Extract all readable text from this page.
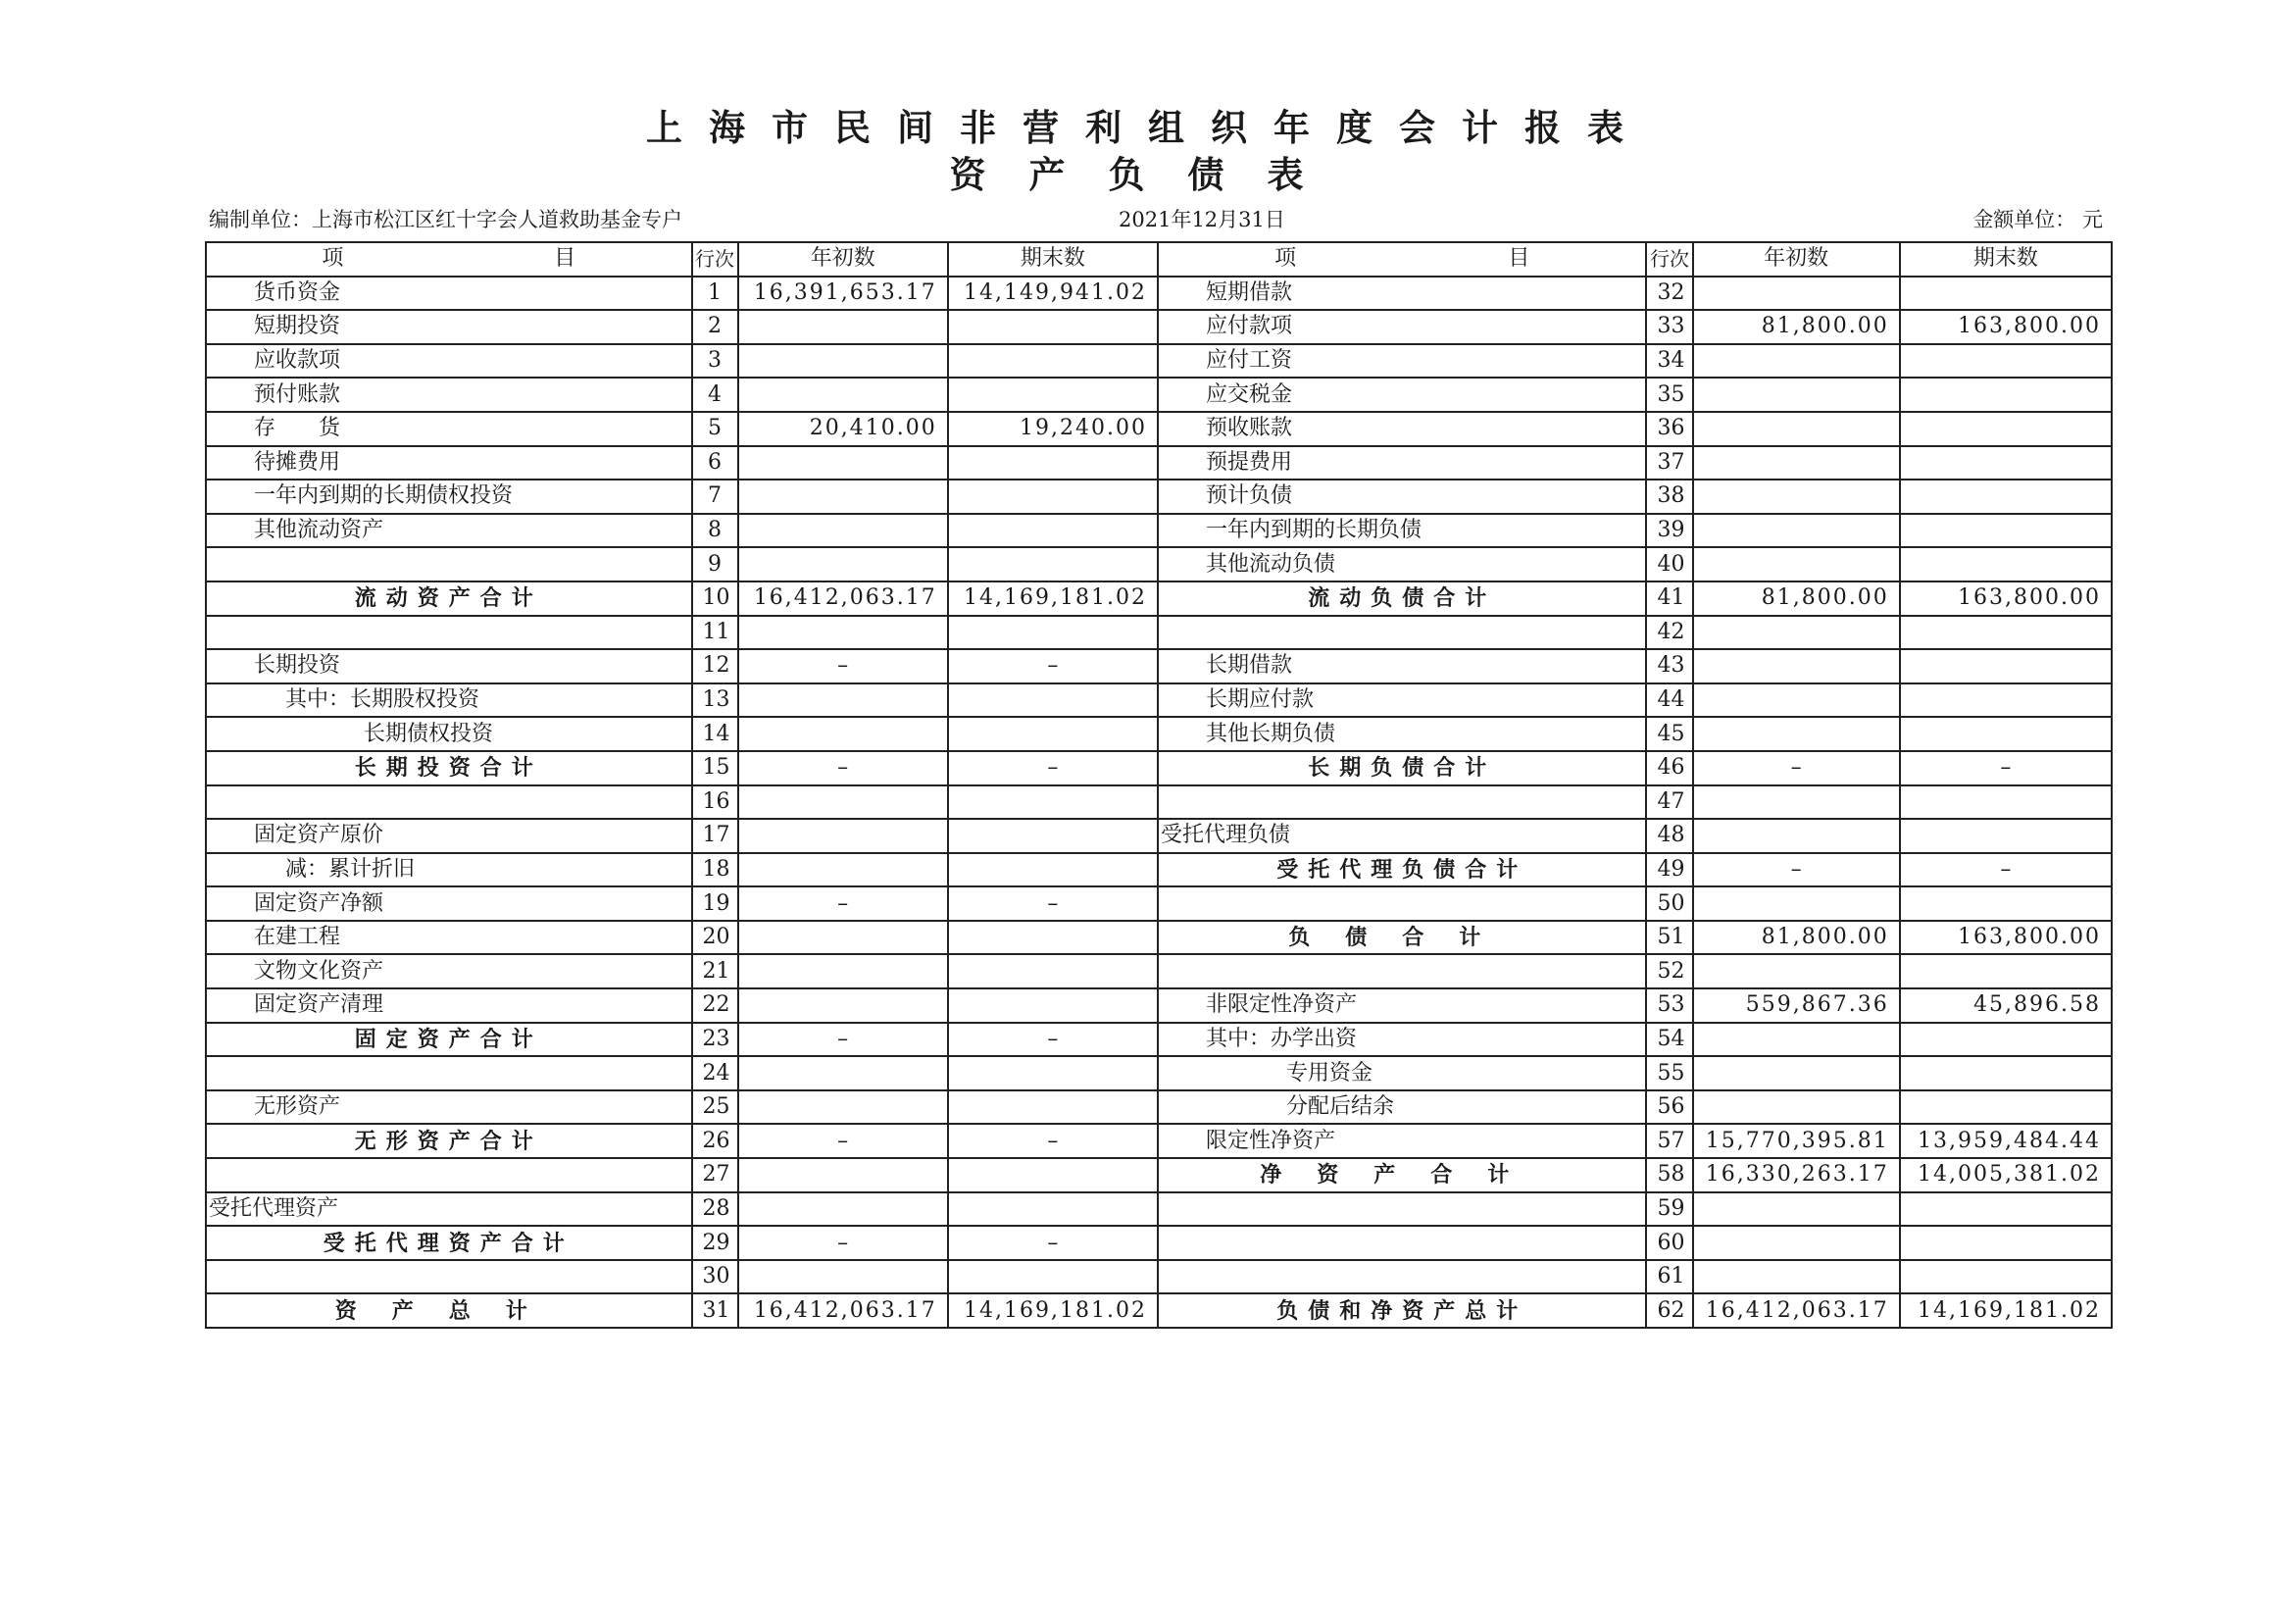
上海市民间非营利组织年度会计报表
资产负债表
编制单位：上海市松江区红十字会人道救助基金专户	2021年12月31日	金额单位： 元
项 目	行次	年初数	期末数	项 目	行次	年初数	期末数
货币资金	1	16,391,653.17	14,149,941.02	短期借款	32		
短期投资	2			应付款项	33	81,800.00	163,800.00
应收款项	3			应付工资	34		
预付账款	4			应交税金	35		
存　　货	5	20,410.00	19,240.00	预收账款	36		
待摊费用	6			预提费用	37		
一年内到期的长期债权投资	7			预计负债	38		
其他流动资产	8			一年内到期的长期负债	39		
	9			其他流动负债	40		
流动资产合计	10	16,412,063.17	14,169,181.02	流动负债合计	41	81,800.00	163,800.00
	11				42		
长期投资	12	–	–	长期借款	43		
其中：长期股权投资	13			长期应付款	44		
长期债权投资	14			其他长期负债	45		
长期投资合计	15	–	–	长期负债合计	46	–	–
	16				47		
固定资产原价	17			受托代理负债	48		
减：累计折旧	18			受托代理负债合计	49	–	–
固定资产净额	19	–	–		50		
在建工程	20			负债合计	51	81,800.00	163,800.00
文物文化资产	21				52		
固定资产清理	22			非限定性净资产	53	559,867.36	45,896.58
固定资产合计	23	–	–	其中：办学出资	54		
	24			专用资金	55		
无形资产	25			分配后结余	56		
无形资产合计	26	–	–	限定性净资产	57	15,770,395.81	13,959,484.44
	27			净资产合计	58	16,330,263.17	14,005,381.02
受托代理资产	28				59		
受托代理资产合计	29	–	–		60		
	30				61		
资产总计	31	16,412,063.17	14,169,181.02	负债和净资产总计	62	16,412,063.17	14,169,181.02
